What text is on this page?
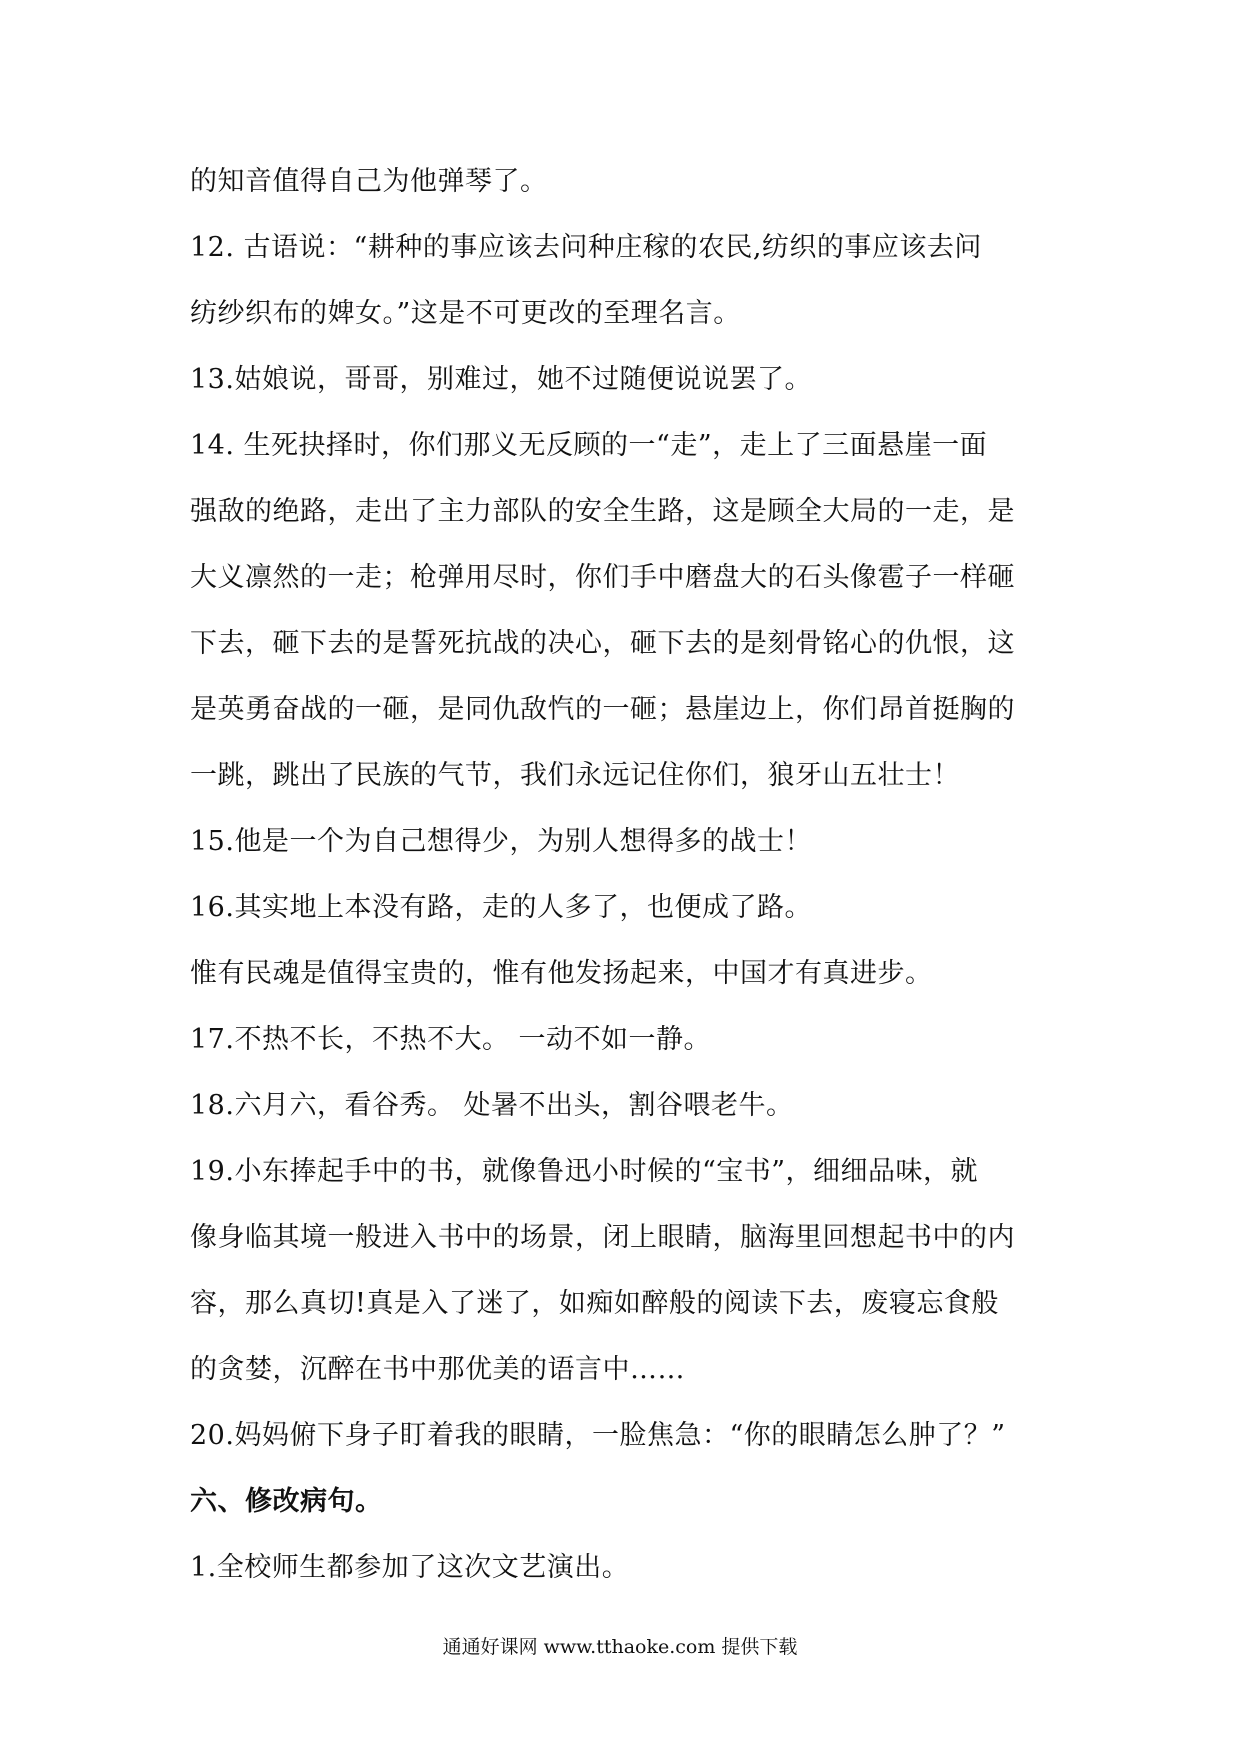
的知音值得自己为他弹琴了。
12. 古语说：“耕种的事应该去问种庄稼的农民,纺织的事应该去问
纺纱织布的婢女。”这是不可更改的至理名言。
13.姑娘说，哥哥，别难过，她不过随便说说罢了。
14. 生死抉择时，你们那义无反顾的一“走”，走上了三面悬崖一面
强敌的绝路，走出了主力部队的安全生路，这是顾全大局的一走，是
大义凛然的一走；枪弹用尽时，你们手中磨盘大的石头像雹子一样砸
下去，砸下去的是誓死抗战的决心，砸下去的是刻骨铭心的仇恨，这
是英勇奋战的一砸，是同仇敌忾的一砸；悬崖边上，你们昂首挺胸的
一跳，跳出了民族的气节，我们永远记住你们，狼牙山五壮士！
15.他是一个为自己想得少，为别人想得多的战士！
16.其实地上本没有路，走的人多了，也便成了路。
惟有民魂是值得宝贵的，惟有他发扬起来，中国才有真进步。
17.不热不长，不热不大。 一动不如一静。
18.六月六，看谷秀。 处暑不出头，割谷喂老牛。
19.小东捧起手中的书，就像鲁迅小时候的“宝书”，细细品味，就
像身临其境一般进入书中的场景，闭上眼睛，脑海里回想起书中的内
容，那么真切!真是入了迷了，如痴如醉般的阅读下去，废寝忘食般
的贪婪，沉醉在书中那优美的语言中……
20.妈妈俯下身子盯着我的眼睛，一脸焦急：“你的眼睛怎么肿了？”
六、修改病句。
1.全校师生都参加了这次文艺演出。
通通好课网 www.tthaoke.com 提供下载
